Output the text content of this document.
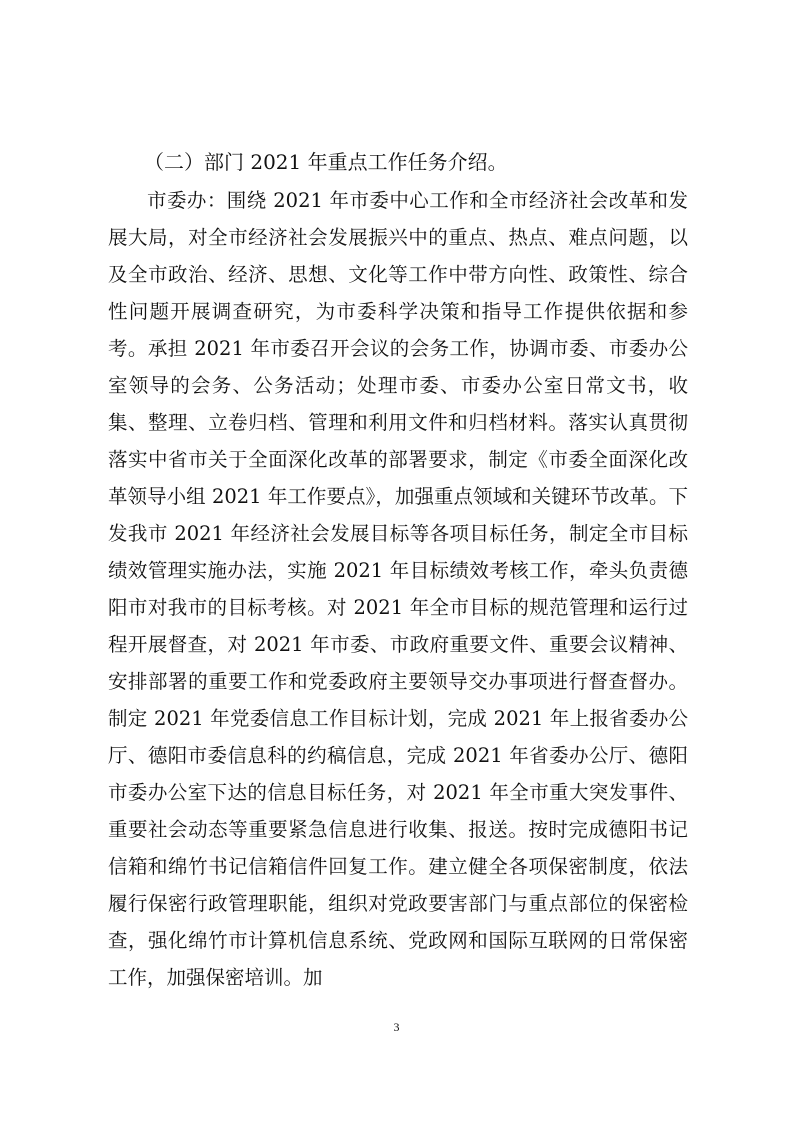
（二）部门 2021 年重点工作任务介绍。

市委办：围绕 2021 年市委中心工作和全市经济社会改革和发展大局，对全市经济社会发展振兴中的重点、热点、难点问题，以及全市政治、经济、思想、文化等工作中带方向性、政策性、综合性问题开展调查研究，为市委科学决策和指导工作提供依据和参考。承担 2021 年市委召开会议的会务工作，协调市委、市委办公室领导的会务、公务活动；处理市委、市委办公室日常文书，收集、整理、立卷归档、管理和利用文件和归档材料。落实认真贯彻落实中省市关于全面深化改革的部署要求，制定《市委全面深化改革领导小组 2021 年工作要点》，加强重点领域和关键环节改革。下发我市 2021 年经济社会发展目标等各项目标任务，制定全市目标绩效管理实施办法，实施 2021 年目标绩效考核工作，牵头负责德阳市对我市的目标考核。对 2021 年全市目标的规范管理和运行过程开展督查，对 2021 年市委、市政府重要文件、重要会议精神、安排部署的重要工作和党委政府主要领导交办事项进行督查督办。制定 2021 年党委信息工作目标计划，完成 2021 年上报省委办公厅、德阳市委信息科的约稿信息，完成 2021 年省委办公厅、德阳市委办公室下达的信息目标任务，对 2021 年全市重大突发事件、重要社会动态等重要紧急信息进行收集、报送。按时完成德阳书记信箱和绵竹书记信箱信件回复工作。建立健全各项保密制度，依法履行保密行政管理职能，组织对党政要害部门与重点部位的保密检查，强化绵竹市计算机信息系统、党政网和国际互联网的日常保密工作，加强保密培训。加

3
